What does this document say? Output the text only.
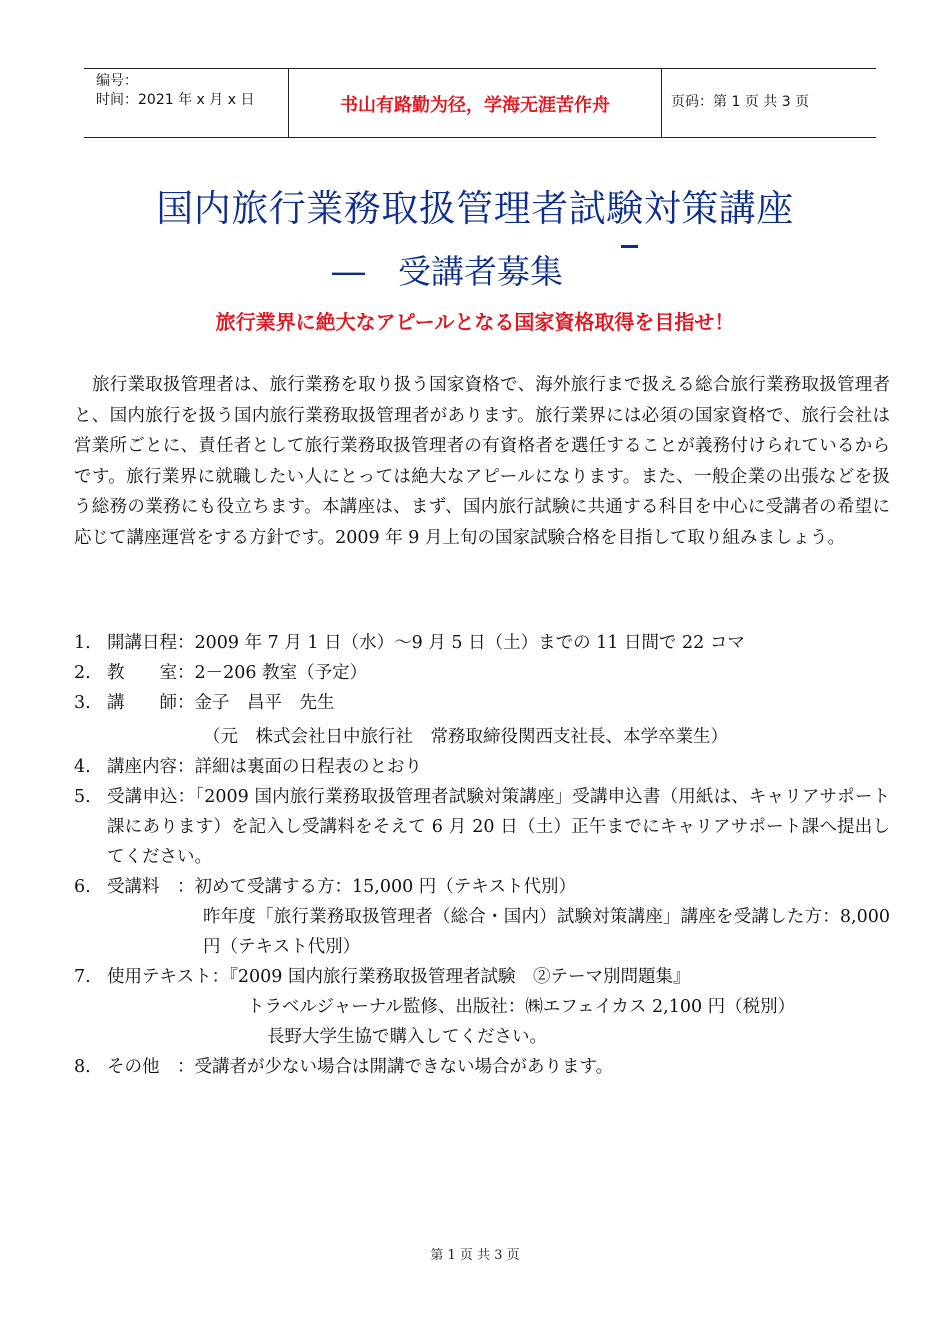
编号：
时间：2021 年 x 月 x 日	书山有路勤为径，学海无涯苦作舟	页码：第 1 页 共 3 页
国内旅行業務取扱管理者試験対策講座
―　受講者募集
旅行業界に絶大なアピールとなる国家資格取得を目指せ！
旅行業取扱管理者は、旅行業務を取り扱う国家資格で、海外旅行まで扱える総合旅行業務取扱管理者と、国内旅行を扱う国内旅行業務取扱管理者があります。旅行業界には必須の国家資格で、旅行会社は営業所ごとに、責任者として旅行業務取扱管理者の有資格者を選任することが義務付けられているからです。旅行業界に就職したい人にとっては絶大なアピールになります。また、一般企業の出張などを扱う総務の業務にも役立ちます。本講座は、まず、国内旅行試験に共通する科目を中心に受講者の希望に応じて講座運営をする方針です。2009 年 9 月上旬の国家試験合格を目指して取り組みましょう。
1. 開講日程：2009 年 7 月 1 日（水）～9 月 5 日（土）までの 11 日間で 22 コマ
2. 教　　室：2－206 教室（予定）
3. 講　　師：金子　昌平　先生
（元　株式会社日中旅行社　常務取締役関西支社長、本学卒業生）
4. 講座内容：詳細は裏面の日程表のとおり
5. 受講申込：「2009 国内旅行業務取扱管理者試験対策講座」受講申込書（用紙は、キャリアサポート課にあります）を記入し受講料をそえて 6 月 20 日（土）正午までにキャリアサポート課へ提出してください。
6. 受講料　：初めて受講する方：15,000 円（テキスト代別）
昨年度「旅行業務取扱管理者（総合・国内）試験対策講座」講座を受講した方：8,000 円（テキスト代別）
7. 使用テキスト：『2009 国内旅行業務取扱管理者試験　②テーマ別問題集』
トラベルジャーナル監修、出版社：㈱エフェイカス 2,100 円（税別）
長野大学生協で購入してください。
8. その他　：受講者が少ない場合は開講できない場合があります。
第 1 页 共 3 页
